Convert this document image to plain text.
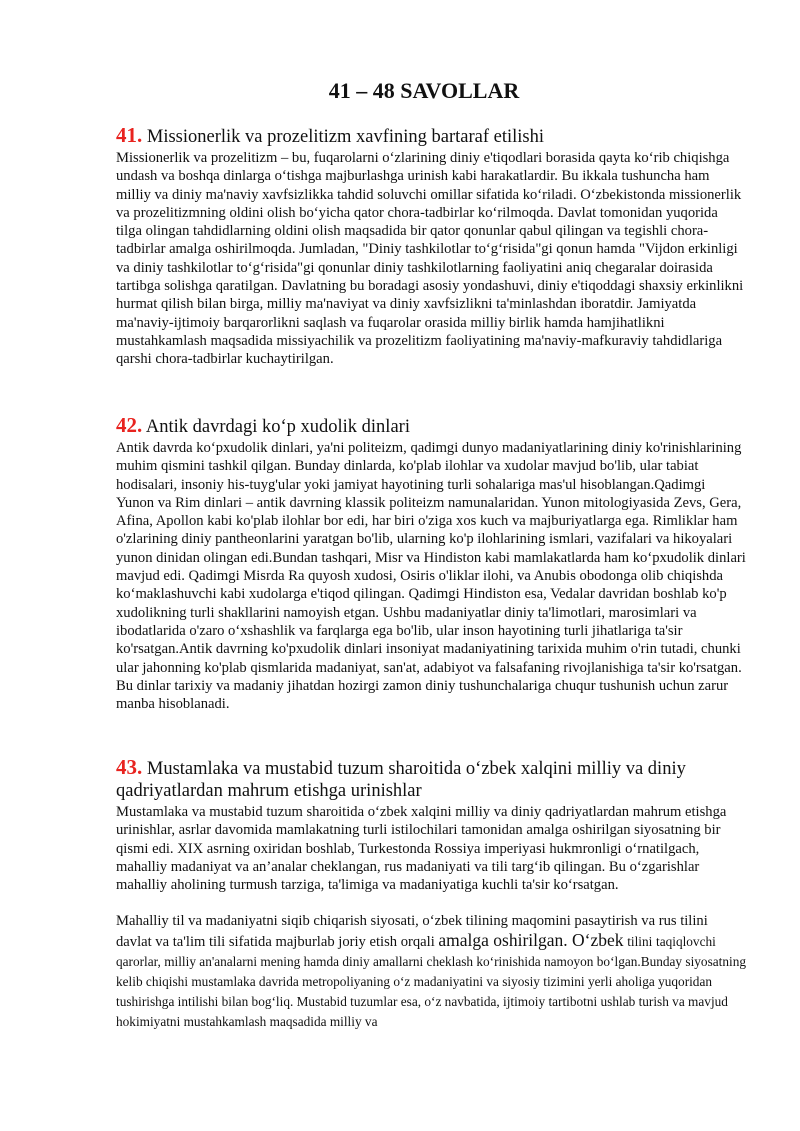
41 – 48 SAVOLLAR
41. Missionerlik va prozelitizm xavfining bartaraf etilishi

Missionerlik va prozelitizm – bu, fuqarolarni o‘zlarining diniy e'tiqodlari borasida qayta ko‘rib chiqishga undash va boshqa dinlarga o‘tishga majburlashga urinish kabi harakatlardir. Bu ikkala tushuncha ham milliy va diniy ma'naviy xavfsizlikka tahdid soluvchi omillar sifatida ko‘riladi. O‘zbekistonda missionerlik va prozelitizmning oldini olish bo‘yicha qator chora-tadbirlar ko‘rilmoqda. Davlat tomonidan yuqorida tilga olingan tahdidlarning oldini olish maqsadida bir qator qonunlar qabul qilingan va tegishli chora-tadbirlar amalga oshirilmoqda. Jumladan, "Diniy tashkilotlar to‘g‘risida"gi qonun hamda "Vijdon erkinligi va diniy tashkilotlar to‘g‘risida"gi qonunlar diniy tashkilotlarning faoliyatini aniq chegaralar doirasida tartibga solishga qaratilgan. Davlatning bu boradagi asosiy yondashuvi, diniy e'tiqoddagi shaxsiy erkinlikni hurmat qilish bilan birga, milliy ma'naviyat va diniy xavfsizlikni ta'minlashdan iboratdir. Jamiyatda ma'naviy-ijtimoiy barqarorlikni saqlash va fuqarolar orasida milliy birlik hamda hamjihatlikni mustahkamlash maqsadida missiyachilik va prozelitizm faoliyatining ma'naviy-mafkuraviy tahdidlariga qarshi chora-tadbirlar kuchaytirilgan.

42. Antik davrdagi ko‘p xudolik dinlari

Antik davrda ko‘pxudolik dinlari, ya'ni politeizm, qadimgi dunyo madaniyatlarining diniy ko'rinishlarining muhim qismini tashkil qilgan. Bunday dinlarda, ko'plab ilohlar va xudolar mavjud bo'lib, ular tabiat hodisalari, insoniy his-tuyg'ular yoki jamiyat hayotining turli sohalariga mas'ul hisoblangan.Qadimgi Yunon va Rim dinlari – antik davrning klassik politeizm namunalaridan. Yunon mitologiyasida Zevs, Gera, Afina, Apollon kabi ko'plab ilohlar bor edi, har biri o'ziga xos kuch va majburiyatlarga ega. Rimliklar ham o'zlarining diniy pantheonlarini yaratgan bo'lib, ularning ko'p ilohlarining ismlari, vazifalari va hikoyalari yunon dinidan olingan edi.Bundan tashqari, Misr va Hindiston kabi mamlakatlarda ham ko‘pxudolik dinlari mavjud edi. Qadimgi Misrda Ra quyosh xudosi, Osiris o'liklar ilohi, va Anubis obodonga olib chiqishda ko‘maklashuvchi kabi xudolarga e'tiqod qilingan. Qadimgi Hindiston esa, Vedalar davridan boshlab ko'p xudolikning turli shakllarini namoyish etgan. Ushbu madaniyatlar diniy ta'limotlari, marosimlari va ibodatlarida o'zaro o‘xshashlik va farqlarga ega bo'lib, ular inson hayotining turli jihatlariga ta'sir ko'rsatgan.Antik davrning ko'pxudolik dinlari insoniyat madaniyatining tarixida muhim o'rin tutadi, chunki ular jahonning ko'plab qismlarida madaniyat, san'at, adabiyot va falsafaning rivojlanishiga ta'sir ko'rsatgan. Bu dinlar tarixiy va madaniy jihatdan hozirgi zamon diniy tushunchalariga chuqur tushunish uchun zarur manba hisoblanadi.

43. Mustamlaka va mustabid tuzum sharoitida o‘zbek xalqini milliy va diniy qadriyatlardan mahrum etishga urinishlar

Mustamlaka va mustabid tuzum sharoitida o‘zbek xalqini milliy va diniy qadriyatlardan mahrum etishga urinishlar, asrlar davomida mamlakatning turli istilochilari tamonidan amalga oshirilgan siyosatning bir qismi edi. XIX asrning oxiridan boshlab, Turkestonda Rossiya imperiyasi hukmronligi o‘rnatilgach, mahalliy madaniyat va an’analar cheklangan, rus madaniyati va tili targ‘ib qilingan. Bu o‘zgarishlar mahalliy aholining turmush tarziga, ta'limiga va madaniyatiga kuchli ta'sir ko‘rsatgan.

Mahalliy til va madaniyatni siqib chiqarish siyosati, o‘zbek tilining maqomini pasaytirish va rus tilini davlat va ta'lim tili sifatida majburlab joriy etish orqali amalga oshirilgan. O‘zbek tilini taqiqlovchi qarorlar, milliy an'analarni mening hamda diniy amallarni cheklash ko‘rinishida namoyon bo‘lgan.Bunday siyosatning kelib chiqishi mustamlaka davrida metropoliyaning o‘z madaniyatini va siyosiy tizimini yerli aholiga yuqoridan tushirishga intilishi bilan bog‘liq. Mustabid tuzumlar esa, o‘z navbatida, ijtimoiy tartibotni ushlab turish va mavjud hokimiyatni mustahkamlash maqsadida milliy va
